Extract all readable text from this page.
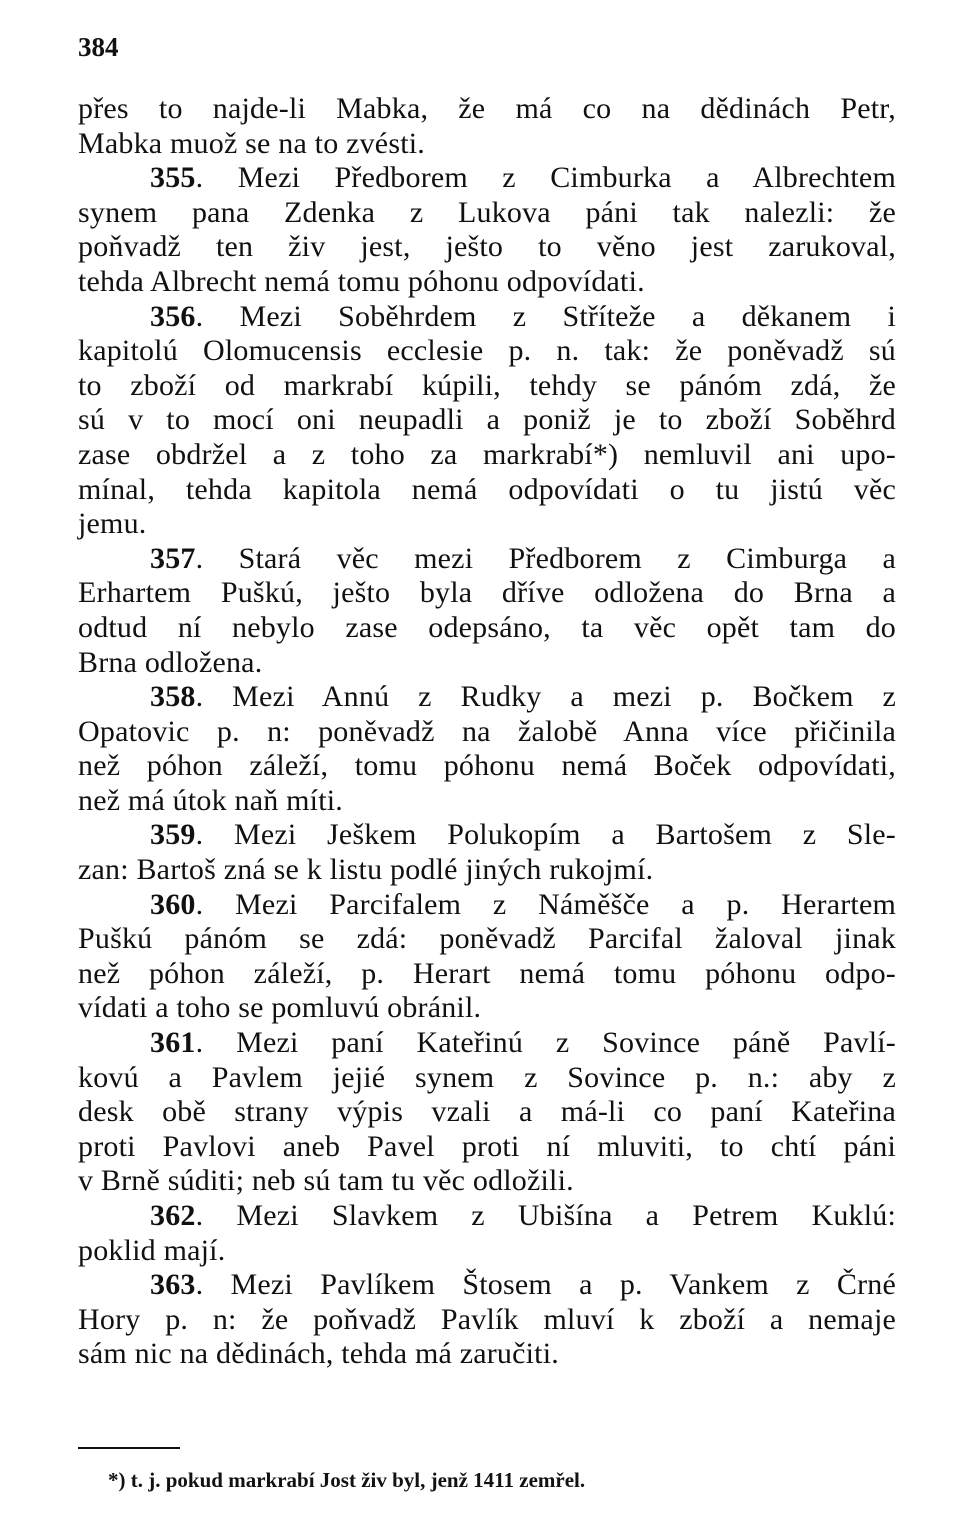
384
přes to najde-li Mabka, že má co na dědinách Petr,
Mabka muož se na to zvésti.
355. Mezi Předborem z Cimburka a Albrechtem
synem pana Zdenka z Lukova páni tak nalezli: že
poňvadž ten živ jest, ješto to věno jest zarukoval,
tehda Albrecht nemá tomu póhonu odpovídati.
356. Mezi Soběhrdem z Stříteže a děkanem i
kapitolú Olomucensis ecclesie p. n. tak: že poněvadž sú
to zboží od markrabí kúpili, tehdy se pánóm zdá, že
sú v to mocí oni neupadli a poniž je to zboží Soběhrd
zase obdržel a z toho za markrabí*) nemluvil ani upo-
mínal, tehda kapitola nemá odpovídati o tu jistú věc
jemu.
357. Stará věc mezi Předborem z Cimburga a
Erhartem Puškú, ješto byla dříve odložena do Brna a
odtud ní nebylo zase odepsáno, ta věc opět tam do
Brna odložena.
358. Mezi Annú z Rudky a mezi p. Bočkem z
Opatovic p. n: poněvadž na žalobě Anna více přičinila
než póhon záleží, tomu póhonu nemá Boček odpovídati,
než má útok naň míti.
359. Mezi Ješkem Polukopím a Bartošem z Sle-
zan: Bartoš zná se k listu podlé jiných rukojmí.
360. Mezi Parcifalem z Náměšče a p. Herartem
Puškú pánóm se zdá: poněvadž Parcifal žaloval jinak
než póhon záleží, p. Herart nemá tomu póhonu odpo-
vídati a toho se pomluvú obránil.
361. Mezi paní Kateřinú z Sovince páně Pavlí-
kovú a Pavlem jejié synem z Sovince p. n.: aby z
desk obě strany výpis vzali a má-li co paní Kateřina
proti Pavlovi aneb Pavel proti ní mluviti, to chtí páni
v Brně súditi; neb sú tam tu věc odložili.
362. Mezi Slavkem z Ubišína a Petrem Kuklú:
poklid mají.
363. Mezi Pavlíkem Štosem a p. Vankem z Črné
Hory p. n: že poňvadž Pavlík mluví k zboží a nemaje
sám nic na dědinách, tehda má zaručiti.
*) t. j. pokud markrabí Jost živ byl, jenž 1411 zemřel.
